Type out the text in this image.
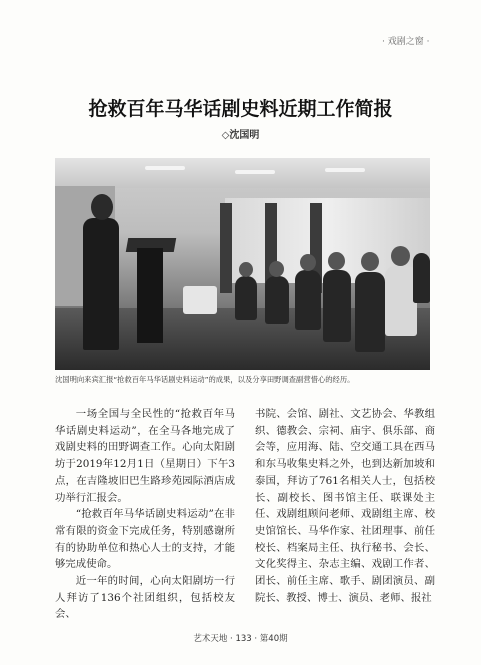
· 戏剧之窗 ·
抢救百年马华话剧史料近期工作简报
◇沈国明
沈国明向来宾汇报“抢救百年马华话剧史料运动”的成果，以及分享田野调查副营惜心的经历。

一场全国与全民性的“抢救百年马华话剧史料运动”，在全马各地完成了戏剧史料的田野调查工作。心向太阳剧坊于2019年12月1日（星期日）下午3点，在吉隆坡旧巴生路珍苑园际酒店成功举行汇报会。

“抢救百年马华话剧史料运动”在非常有限的资金下完成任务，特别感谢所有的协助单位和热心人士的支持，才能够完成使命。

近一年的时间，心向太阳剧坊一行人拜访了136个社团组织，包括校友会、

书院、会馆、剧社、文艺协会、华教组织、德教会、宗祠、庙宇、俱乐部、商会等，应用海、陆、空交通工具在西马和东马收集史料之外，也到达新加坡和泰国，拜访了761名相关人士，包括校长、副校长、图书馆主任、联课处主任、戏剧组顾问老师、戏剧组主席、校史馆馆长、马华作家、社团理事、前任校长、档案局主任、执行秘书、会长、文化奖得主、杂志主编、戏剧工作者、团长、前任主席、歌手、剧团演员、副院长、教授、博士、演员、老师、报社

艺术天地 · 133 · 第40期
